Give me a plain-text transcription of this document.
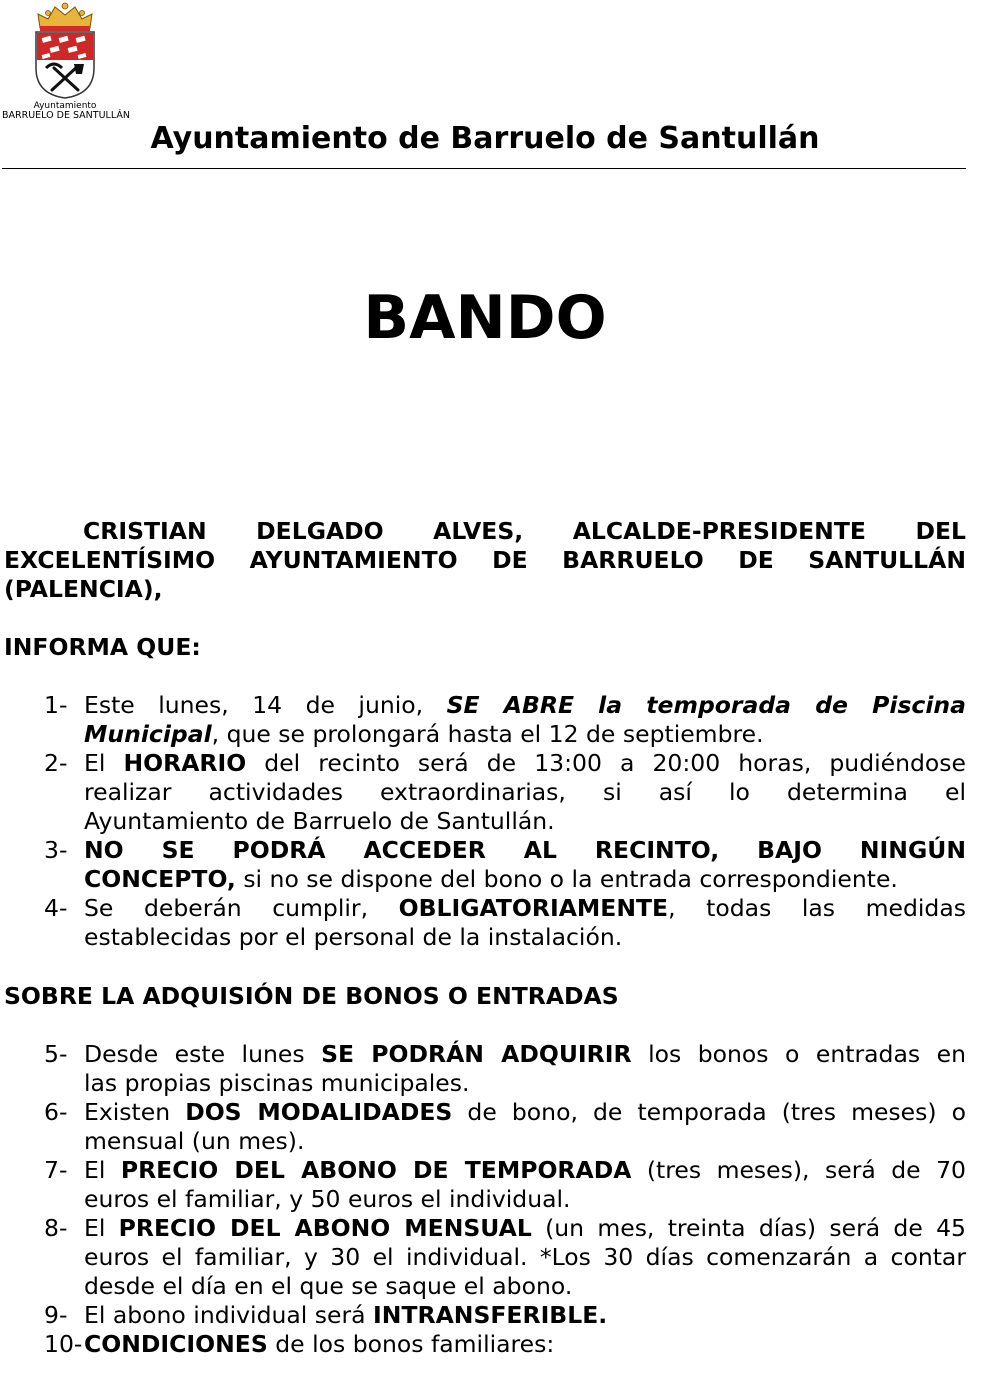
Ayuntamiento
BARRUELO DE SANTULLÁN
Ayuntamiento de Barruelo de Santullán
BANDO
CRISTIAN DELGADO ALVES, ALCALDE-PRESIDENTE DEL
EXCELENTÍSIMO AYUNTAMIENTO DE BARRUELO DE SANTULLÁN
(PALENCIA),
INFORMA QUE:
1- Este lunes, 14 de junio, SE ABRE la temporada de Piscina
Municipal, que se prolongará hasta el 12 de septiembre.
2- El HORARIO del recinto será de 13:00 a 20:00 horas, pudiéndose
realizar actividades extraordinarias, si así lo determina el
Ayuntamiento de Barruelo de Santullán.
3- NO SE PODRÁ ACCEDER AL RECINTO, BAJO NINGÚN
CONCEPTO, si no se dispone del bono o la entrada correspondiente.
4- Se deberán cumplir, OBLIGATORIAMENTE, todas las medidas
establecidas por el personal de la instalación.
SOBRE LA ADQUISIÓN DE BONOS O ENTRADAS
5- Desde este lunes SE PODRÁN ADQUIRIR los bonos o entradas en
las propias piscinas municipales.
6- Existen DOS MODALIDADES de bono, de temporada (tres meses) o
mensual (un mes).
7- El PRECIO DEL ABONO DE TEMPORADA (tres meses), será de 70
euros el familiar, y 50 euros el individual.
8- El PRECIO DEL ABONO MENSUAL (un mes, treinta días) será de 45
euros el familiar, y 30 el individual. *Los 30 días comenzarán a contar
desde el día en el que se saque el abono.
9- El abono individual será INTRANSFERIBLE.
10- CONDICIONES de los bonos familiares:
